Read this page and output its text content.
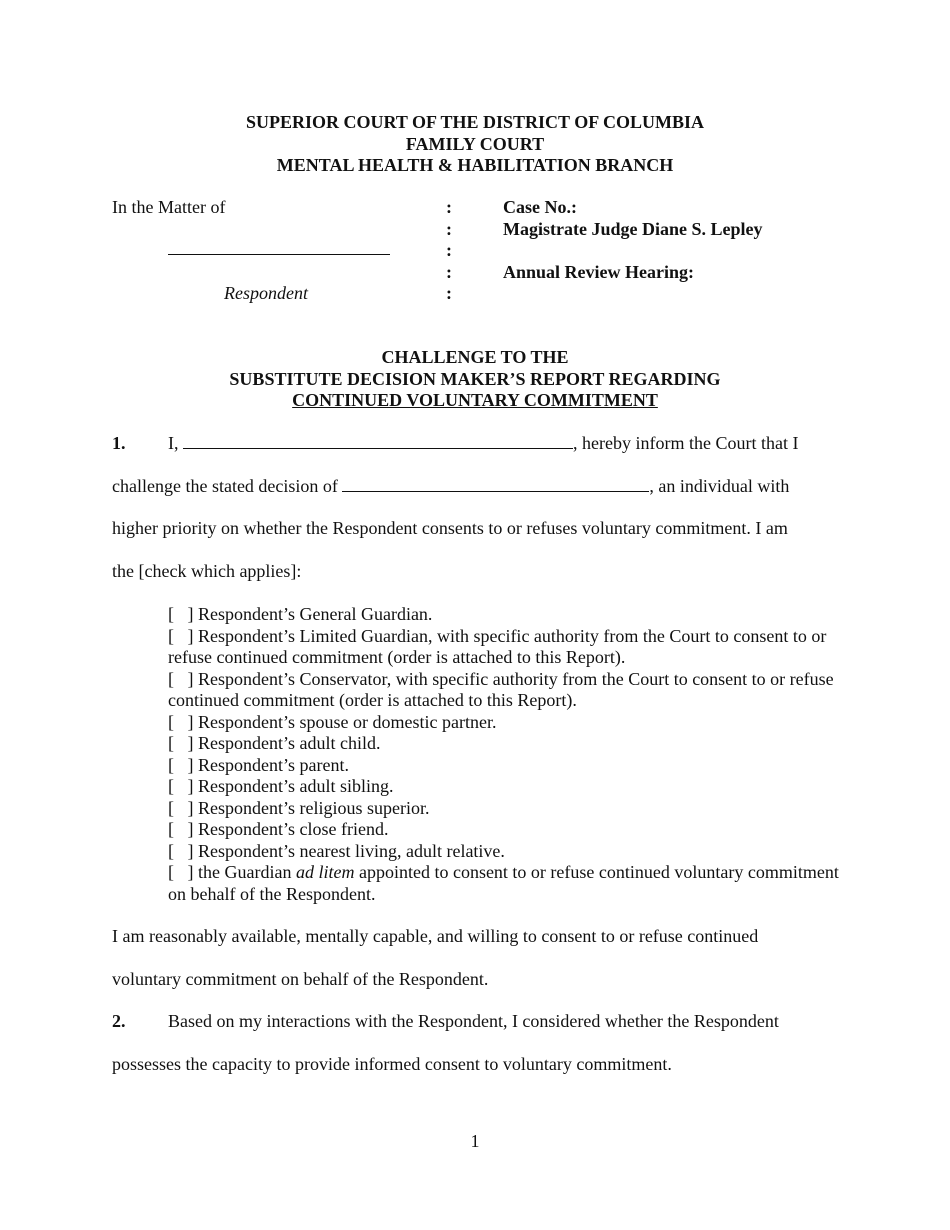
SUPERIOR COURT OF THE DISTRICT OF COLUMBIA
FAMILY COURT
MENTAL HEALTH & HABILITATION BRANCH
In the Matter of
Respondent
:
:
:
:
:
Case No.:
Magistrate Judge Diane S. Lepley
Annual Review Hearing:
CHALLENGE TO THE
SUBSTITUTE DECISION MAKER’S REPORT REGARDING
CONTINUED VOLUNTARY COMMITMENT
1. I,	, hereby inform the Court that I
challenge the stated decision of	, an individual with
higher priority on whether the Respondent consents to or refuses voluntary commitment. I am
the [check which applies]:
[   ] Respondent’s General Guardian.
[   ] Respondent’s Limited Guardian, with specific authority from the Court to consent to or refuse continued commitment (order is attached to this Report).
[   ] Respondent’s Conservator, with specific authority from the Court to consent to or refuse continued commitment (order is attached to this Report).
[   ] Respondent’s spouse or domestic partner.
[   ] Respondent’s adult child.
[   ] Respondent’s parent.
[   ] Respondent’s adult sibling.
[   ] Respondent’s religious superior.
[   ] Respondent’s close friend.
[   ] Respondent’s nearest living, adult relative.
[   ] the Guardian ad litem appointed to consent to or refuse continued voluntary commitment on behalf of the Respondent.
I am reasonably available, mentally capable, and willing to consent to or refuse continued
voluntary commitment on behalf of the Respondent.
2. Based on my interactions with the Respondent, I considered whether the Respondent
possesses the capacity to provide informed consent to voluntary commitment.
1
